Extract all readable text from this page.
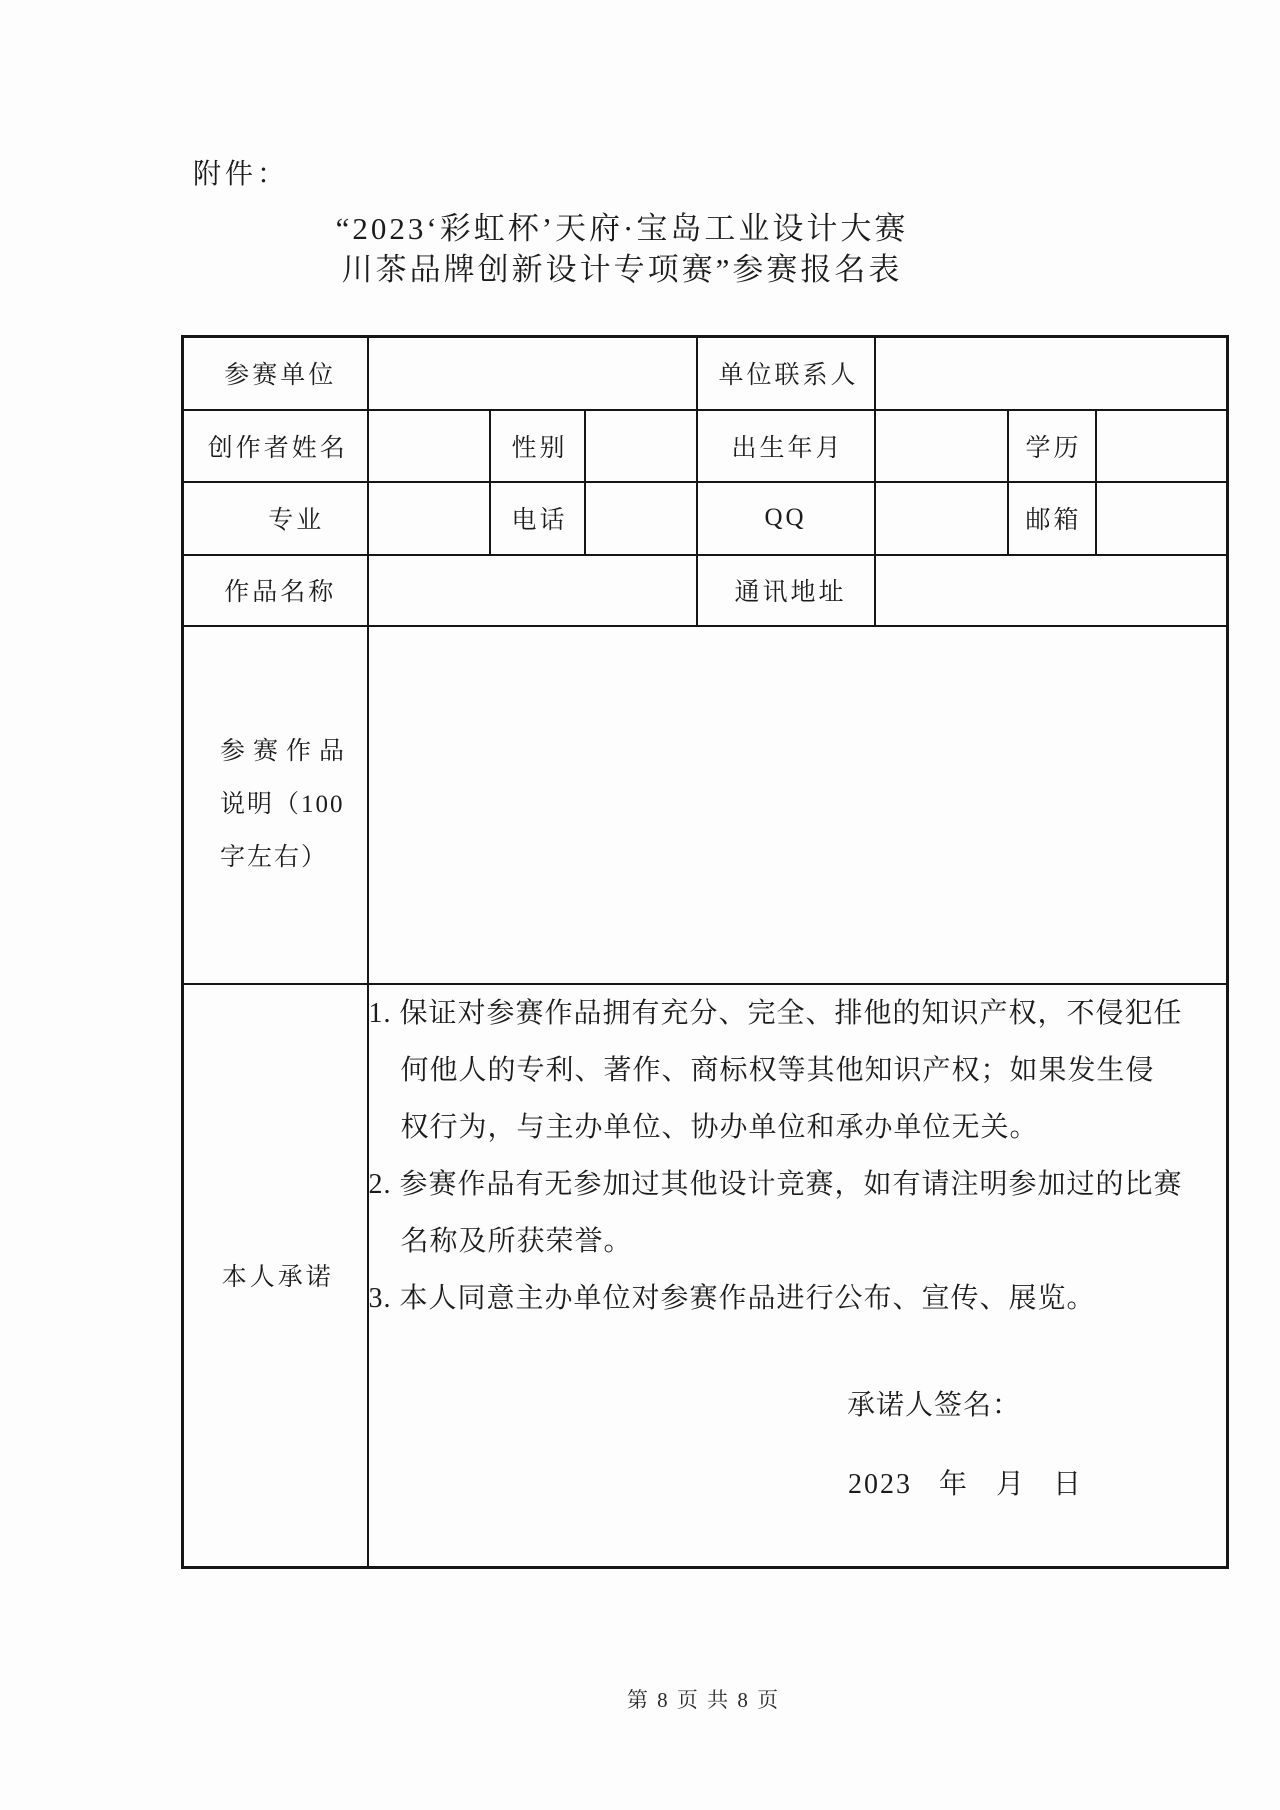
附件：
“2023‘彩虹杯’天府·宝岛工业设计大赛
川茶品牌创新设计专项赛”参赛报名表
参赛单位				单位联系人			
创作者姓名		性别		出生年月		学历	
专业		电话		QQ		邮箱	
作品名称				通讯地址			

参赛作品
说明（100
字左右）							

本人承诺	
1. 保证对参赛作品拥有充分、完全、排他的知识产权，不侵犯任
何他人的专利、著作、商标权等其他知识产权；如果发生侵
权行为，与主办单位、协办单位和承办单位无关。
2. 参赛作品有无参加过其他设计竞赛，如有请注明参加过的比赛
名称及所获荣誉。
3. 本人同意主办单位对参赛作品进行公布、宣传、展览。
承诺人签名：
2023 年 月 日
第 8 页 共 8 页
